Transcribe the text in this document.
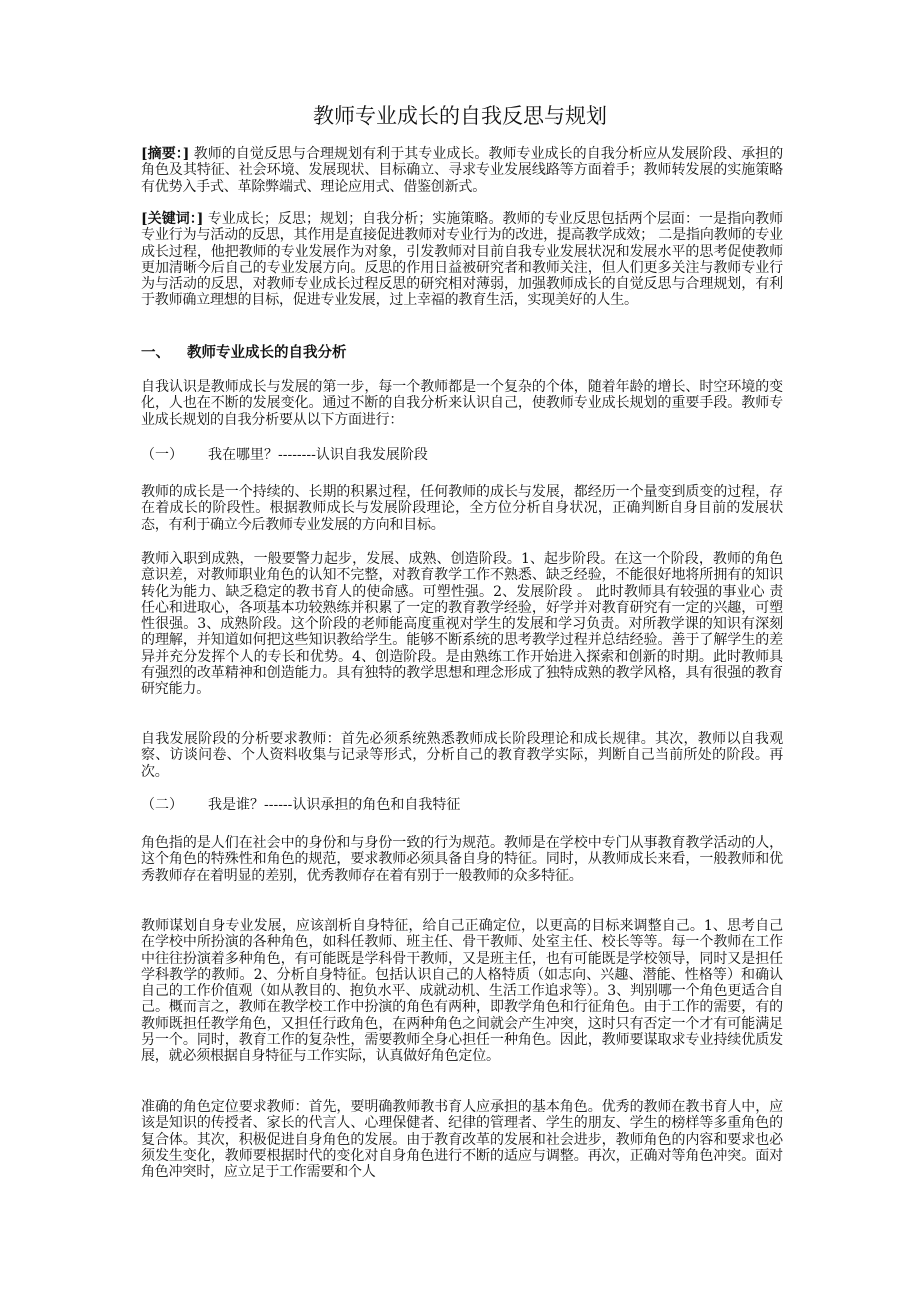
教师专业成长的自我反思与规划

[摘要：] 教师的自觉反思与合理规划有利于其专业成长。教师专业成长的自我分析应从发展阶段、承担的角色及其特征、社会环境、发展现状、目标确立、寻求专业发展线路等方面着手；教师转发展的实施策略有优势入手式、革除弊端式、理论应用式、借鉴创新式。

[关键词：] 专业成长；反思；规划；自我分析；实施策略。教师的专业反思包括两个层面：一是指向教师专业行为与活动的反思，其作用是直接促进教师对专业行为的改进，提高教学成效； 二是指向教师的专业成长过程，他把教师的专业发展作为对象，引发教师对目前自我专业发展状况和发展水平的思考促使教师更加清晰今后自己的专业发展方向。反思的作用日益被研究者和教师关注，但人们更多关注与教师专业行为与活动的反思，对教师专业成长过程反思的研究相对薄弱，加强教师成长的自觉反思与合理规划，有利于教师确立理想的目标，促进专业发展，过上幸福的教育生活，实现美好的人生。

一、 教师专业成长的自我分析

自我认识是教师成长与发展的第一步，每一个教师都是一个复杂的个体，随着年龄的增长、时空环境的变化，人也在不断的发展变化。通过不断的自我分析来认识自己，使教师专业成长规划的重要手段。教师专业成长规划的自我分析要从以下方面进行：

（一） 我在哪里？--------认识自我发展阶段

教师的成长是一个持续的、长期的积累过程，任何教师的成长与发展，都经历一个量变到质变的过程，存在着成长的阶段性。根据教师成长与发展阶段理论，全方位分析自身状况，正确判断自身目前的发展状态，有利于确立今后教师专业发展的方向和目标。

教师入职到成熟，一般要警力起步，发展、成熟、创造阶段。1、起步阶段。在这一个阶段，教师的角色意识差，对教师职业角色的认知不完整，对教育教学工作不熟悉、缺乏经验，不能很好地将所拥有的知识转化为能力、缺乏稳定的教书育人的使命感。可塑性强。2、发展阶段 。 此时教师具有较强的事业心 责任心和进取心，各项基本功较熟练并积累了一定的教育教学经验，好学并对教育研究有一定的兴趣，可塑性很强。3、成熟阶段。这个阶段的老师能高度重视对学生的发展和学习负责。对所教学课的知识有深刻的理解，并知道如何把这些知识教给学生。能够不断系统的思考教学过程并总结经验。善于了解学生的差异并充分发挥个人的专长和优势。4、创造阶段。是由熟练工作开始进入探索和创新的时期。此时教师具有强烈的改革精神和创造能力。具有独特的教学思想和理念形成了独特成熟的教学风格，具有很强的教育研究能力。

自我发展阶段的分析要求教师：首先必须系统熟悉教师成长阶段理论和成长规律。其次，教师以自我观察、访谈问卷、个人资料收集与记录等形式，分析自己的教育教学实际，判断自己当前所处的阶段。再次。

（二） 我是谁？------认识承担的角色和自我特征

角色指的是人们在社会中的身份和与身份一致的行为规范。教师是在学校中专门从事教育教学活动的人，这个角色的特殊性和角色的规范，要求教师必须具备自身的特征。同时，从教师成长来看，一般教师和优秀教师存在着明显的差别，优秀教师存在着有别于一般教师的众多特征。

教师谋划自身专业发展，应该剖析自身特征，给自己正确定位，以更高的目标来调整自己。1、思考自己在学校中所扮演的各种角色，如科任教师、班主任、骨干教师、处室主任、校长等等。每一个教师在工作中往往扮演着多种角色，有可能既是学科骨干教师，又是班主任，也有可能既是学校领导，同时又是担任学科教学的教师。2、分析自身特征。包括认识自己的人格特质（如志向、兴趣、潜能、性格等）和确认自己的工作价值观（如从教目的、抱负水平、成就动机、生活工作追求等）。3、判别哪一个角色更适合自己。概而言之，教师在教学校工作中扮演的角色有两种，即教学角色和行征角色。由于工作的需要，有的教师既担任教学角色，又担任行政角色，在两种角色之间就会产生冲突，这时只有否定一个才有可能满足另一个。同时，教育工作的复杂性，需要教师全身心担任一种角色。因此，教师要谋取求专业持续优质发展，就必须根据自身特征与工作实际，认真做好角色定位。

准确的角色定位要求教师：首先，要明确教师教书育人应承担的基本角色。优秀的教师在教书育人中，应该是知识的传授者、家长的代言人、心理保健者、纪律的管理者、学生的朋友、学生的榜样等多重角色的复合体。其次，积极促进自身角色的发展。由于教育改革的发展和社会进步，教师角色的内容和要求也必须发生变化，教师要根据时代的变化对自身角色进行不断的适应与调整。再次，正确对等角色冲突。面对角色冲突时，应立足于工作需要和个人
